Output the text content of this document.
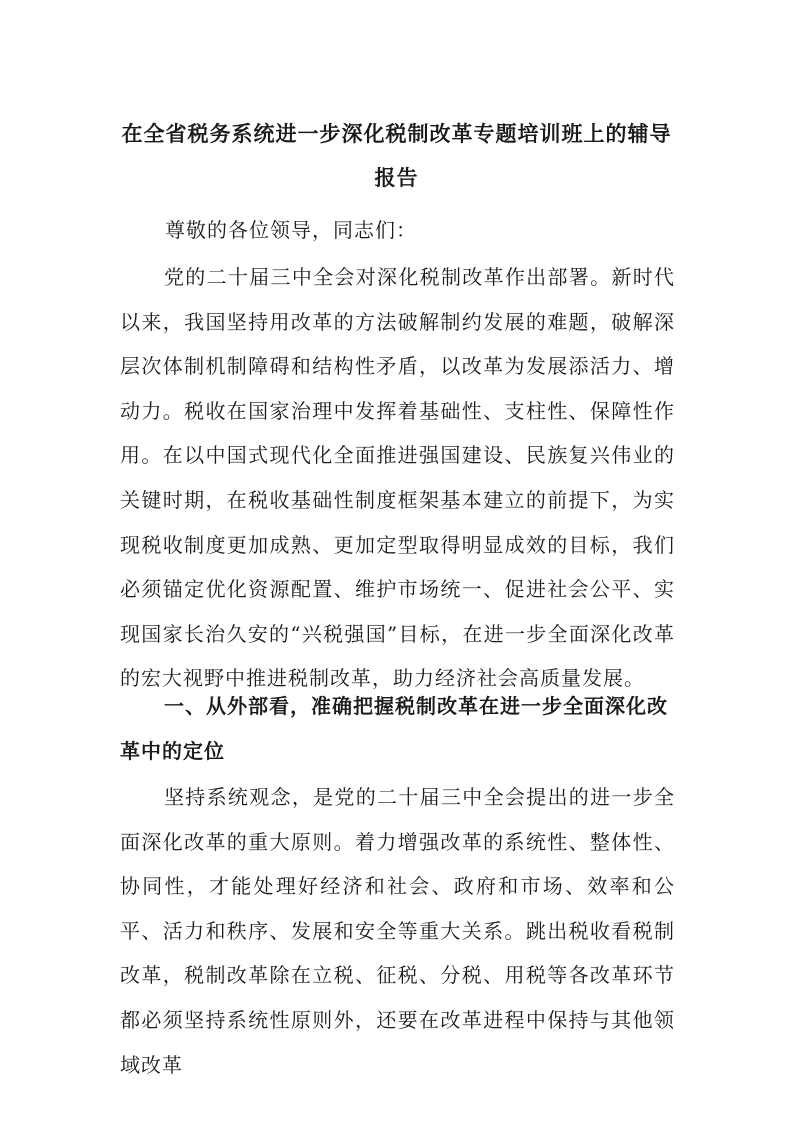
在全省税务系统进一步深化税制改革专题培训班上的辅导报告
尊敬的各位领导，同志们：
党的二十届三中全会对深化税制改革作出部署。新时代以来，我国坚持用改革的方法破解制约发展的难题，破解深层次体制机制障碍和结构性矛盾，以改革为发展添活力、增动力。税收在国家治理中发挥着基础性、支柱性、保障性作用。在以中国式现代化全面推进强国建设、民族复兴伟业的关键时期，在税收基础性制度框架基本建立的前提下，为实现税收制度更加成熟、更加定型取得明显成效的目标，我们必须锚定优化资源配置、维护市场统一、促进社会公平、实现国家长治久安的“兴税强国”目标，在进一步全面深化改革的宏大视野中推进税制改革，助力经济社会高质量发展。
一、从外部看，准确把握税制改革在进一步全面深化改革中的定位
坚持系统观念，是党的二十届三中全会提出的进一步全面深化改革的重大原则。着力增强改革的系统性、整体性、协同性，才能处理好经济和社会、政府和市场、效率和公平、活力和秩序、发展和安全等重大关系。跳出税收看税制改革，税制改革除在立税、征税、分税、用税等各改革环节都必须坚持系统性原则外，还要在改革进程中保持与其他领域改革
